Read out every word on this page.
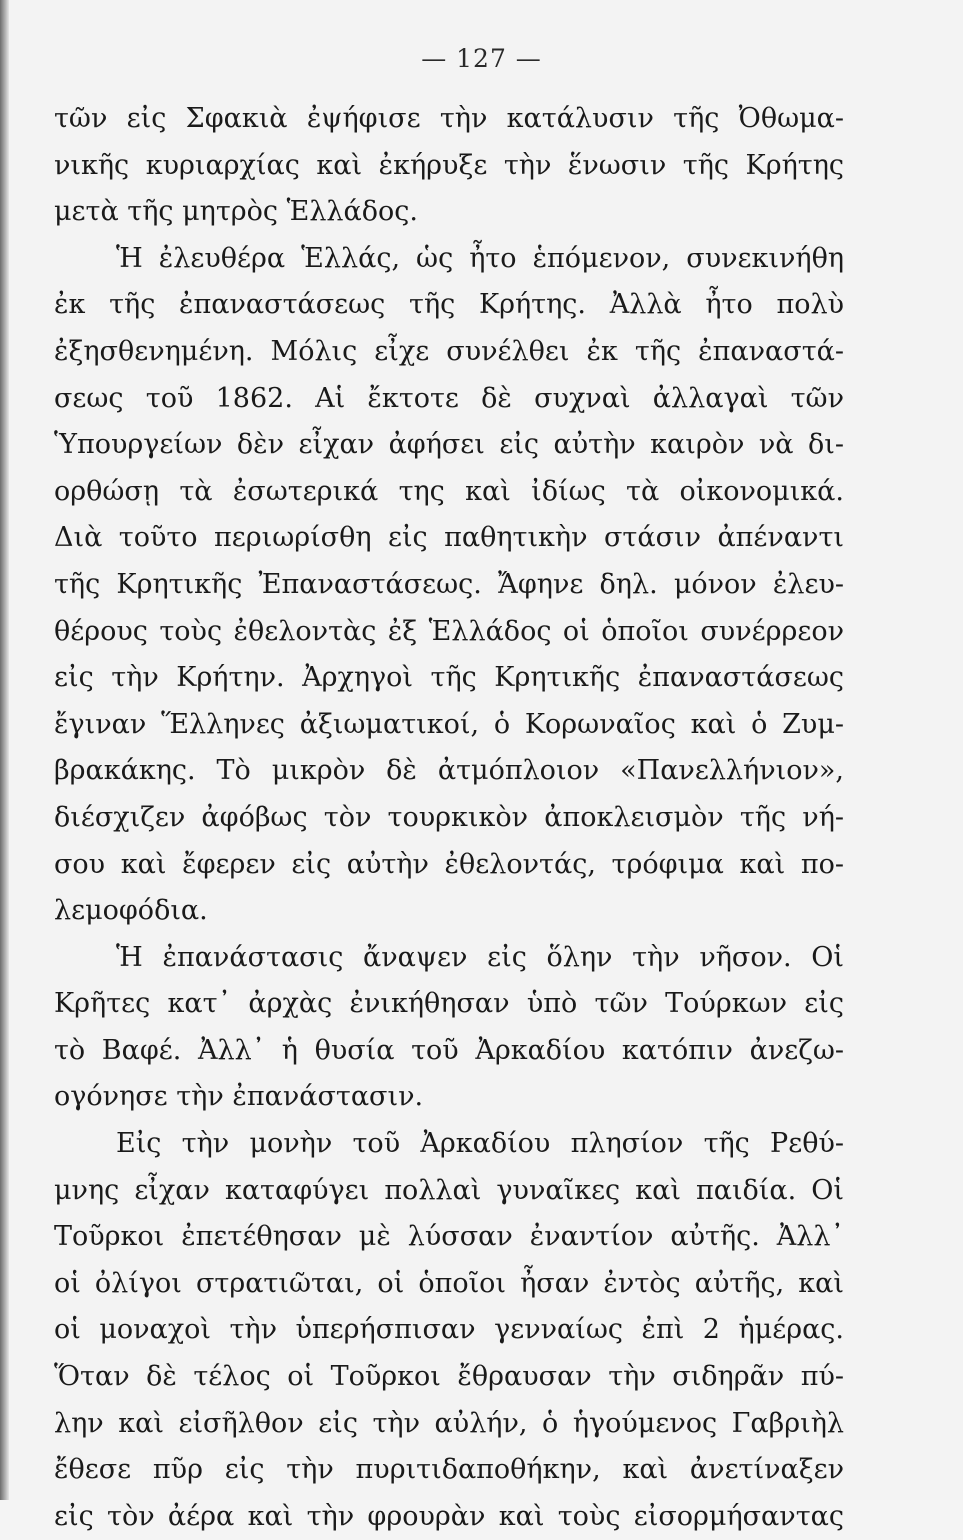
— 127 —
τῶν εἰς Σφακιὰ ἐψήφισε τὴν κατάλυσιν τῆς Ὀθωμα-
νικῆς κυριαρχίας καὶ ἐκήρυξε τὴν ἕνωσιν τῆς Κρήτης
μετὰ τῆς μητρὸς Ἑλλάδος.
Ἡ ἐλευθέρα Ἑλλάς, ὡς ἦτο ἑπόμενον, συνεκινήθη
ἐκ τῆς ἐπαναστάσεως τῆς Κρήτης. Ἀλλὰ ἦτο πολὺ
ἐξησθενημένη. Μόλις εἶχε συνέλθει ἐκ τῆς ἐπαναστά-
σεως τοῦ 1862. Αἱ ἔκτοτε δὲ συχναὶ ἀλλαγαὶ τῶν
Ὑπουργείων δὲν εἶχαν ἀφήσει εἰς αὐτὴν καιρὸν νὰ δι-
ορθώσῃ τὰ ἐσωτερικά της καὶ ἰδίως τὰ οἰκονομικά.
Διὰ τοῦτο περιωρίσθη εἰς παθητικὴν στάσιν ἀπέναντι
τῆς Κρητικῆς Ἐπαναστάσεως. Ἄφηνε δηλ. μόνον ἐλευ-
θέρους τοὺς ἐθελοντὰς ἐξ Ἑλλάδος οἱ ὁποῖοι συνέρρεον
εἰς τὴν Κρήτην. Ἀρχηγοὶ τῆς Κρητικῆς ἐπαναστάσεως
ἔγιναν Ἕλληνες ἀξιωματικοί, ὁ Κορωναῖος καὶ ὁ Ζυμ-
βρακάκης. Τὸ μικρὸν δὲ ἀτμόπλοιον «Πανελλήνιον»,
διέσχιζεν ἀφόβως τὸν τουρκικὸν ἀποκλεισμὸν τῆς νή-
σου καὶ ἔφερεν εἰς αὐτὴν ἐθελοντάς, τρόφιμα καὶ πο-
λεμοφόδια.
Ἡ ἐπανάστασις ἄναψεν εἰς ὅλην τὴν νῆσον. Οἱ
Κρῆτες κατ᾽ ἀρχὰς ἐνικήθησαν ὑπὸ τῶν Τούρκων εἰς
τὸ Βαφέ. Ἀλλ᾽ ἡ θυσία τοῦ Ἀρκαδίου κατόπιν ἀνεζω-
ογόνησε τὴν ἐπανάστασιν.
Εἰς τὴν μονὴν τοῦ Ἀρκαδίου πλησίον τῆς Ρεθύ-
μνης εἶχαν καταφύγει πολλαὶ γυναῖκες καὶ παιδία. Οἱ
Τοῦρκοι ἐπετέθησαν μὲ λύσσαν ἐναντίον αὐτῆς. Ἀλλ᾽
οἱ ὀλίγοι στρατιῶται, οἱ ὁποῖοι ἦσαν ἐντὸς αὐτῆς, καὶ
οἱ μοναχοὶ τὴν ὑπερήσπισαν γενναίως ἐπὶ 2 ἡμέρας.
Ὅταν δὲ τέλος οἱ Τοῦρκοι ἔθραυσαν τὴν σιδηρᾶν πύ-
λην καὶ εἰσῆλθον εἰς τὴν αὐλήν, ὁ ἡγούμενος Γαβριὴλ
ἔθεσε πῦρ εἰς τὴν πυριτιδαποθήκην, καὶ ἀνετίναξεν
εἰς τὸν ἀέρα καὶ τὴν φρουρὰν καὶ τοὺς εἰσορμήσαντας
